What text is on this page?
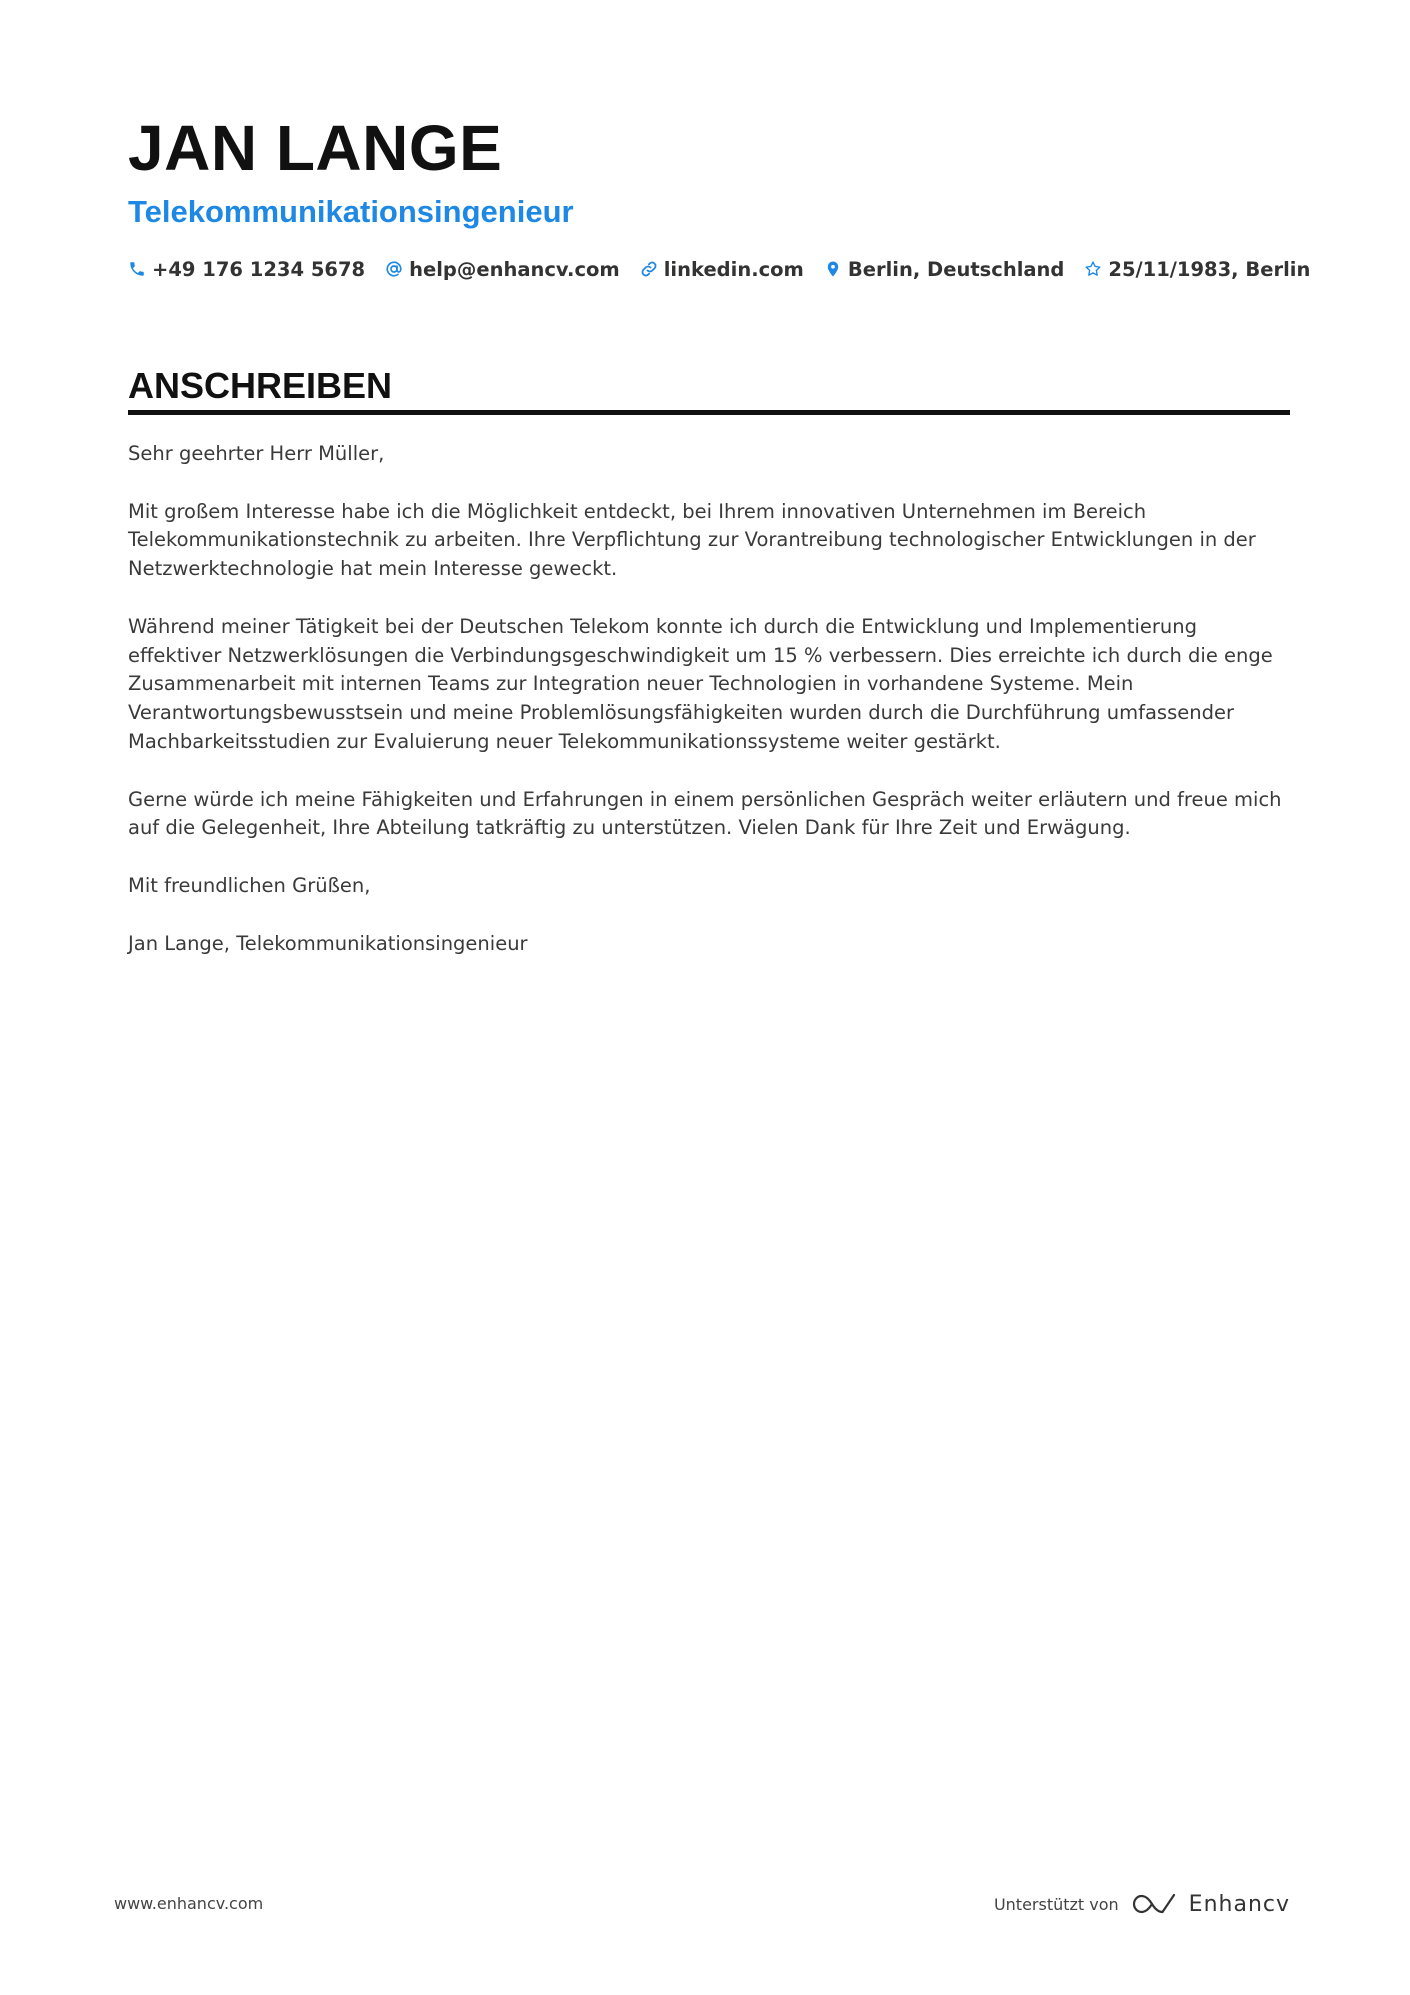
JAN LANGE
Telekommunikationsingenieur
+49 176 1234 5678 help@enhancv.com linkedin.com Berlin, Deutschland 25/11/1983, Berlin
ANSCHREIBEN

Sehr geehrter Herr Müller,

Mit großem Interesse habe ich die Möglichkeit entdeckt, bei Ihrem innovativen Unternehmen im Bereich Telekommunikationstechnik zu arbeiten. Ihre Verpflichtung zur Vorantreibung technologischer Entwicklungen in der Netzwerktechnologie hat mein Interesse geweckt.

Während meiner Tätigkeit bei der Deutschen Telekom konnte ich durch die Entwicklung und Implementierung effektiver Netzwerklösungen die Verbindungsgeschwindigkeit um 15 % verbessern. Dies erreichte ich durch die enge Zusammenarbeit mit internen Teams zur Integration neuer Technologien in vorhandene Systeme. Mein Verantwortungsbewusstsein und meine Problemlösungsfähigkeiten wurden durch die Durchführung umfassender Machbarkeitsstudien zur Evaluierung neuer Telekommunikationssysteme weiter gestärkt.

Gerne würde ich meine Fähigkeiten und Erfahrungen in einem persönlichen Gespräch weiter erläutern und freue mich auf die Gelegenheit, Ihre Abteilung tatkräftig zu unterstützen. Vielen Dank für Ihre Zeit und Erwägung.

Mit freundlichen Grüßen,

Jan Lange, Telekommunikationsingenieur

www.enhancv.com	Unterstützt von	Enhancv
